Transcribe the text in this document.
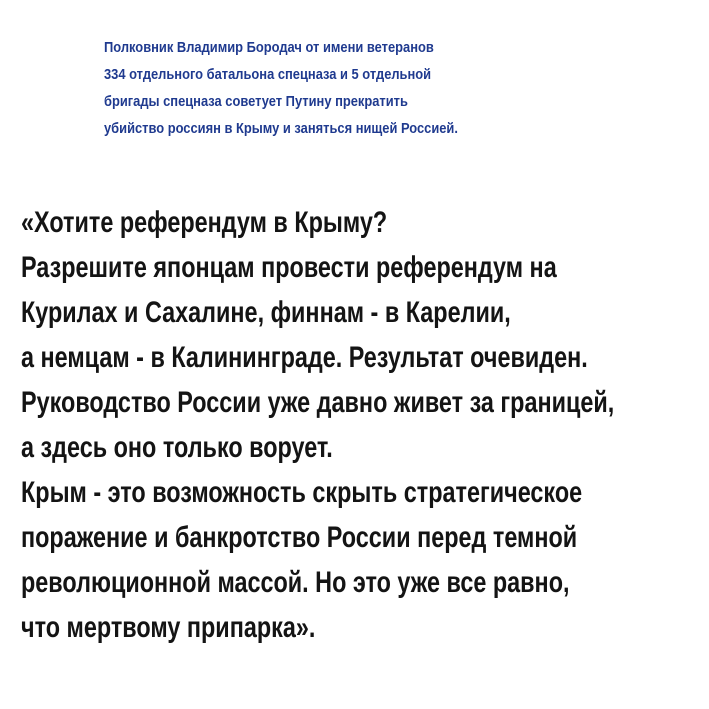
Полковник Владимир Бородач от имени ветеранов
334 отдельного батальона спецназа и 5 отдельной
бригады спецназа советует Путину прекратить
убийство россиян в Крыму и заняться нищей Россией.
«Хотите референдум в Крыму?
Разрешите японцам провести референдум на
Курилах и Сахалине, финнам - в Карелии,
а немцам - в Калининграде. Результат очевиден.
Руководство России уже давно живет за границей,
а здесь оно только ворует.
Крым - это возможность скрыть стратегическое
поражение и банкротство России перед темной
революционной массой. Но это уже все равно,
что мертвому припарка».
